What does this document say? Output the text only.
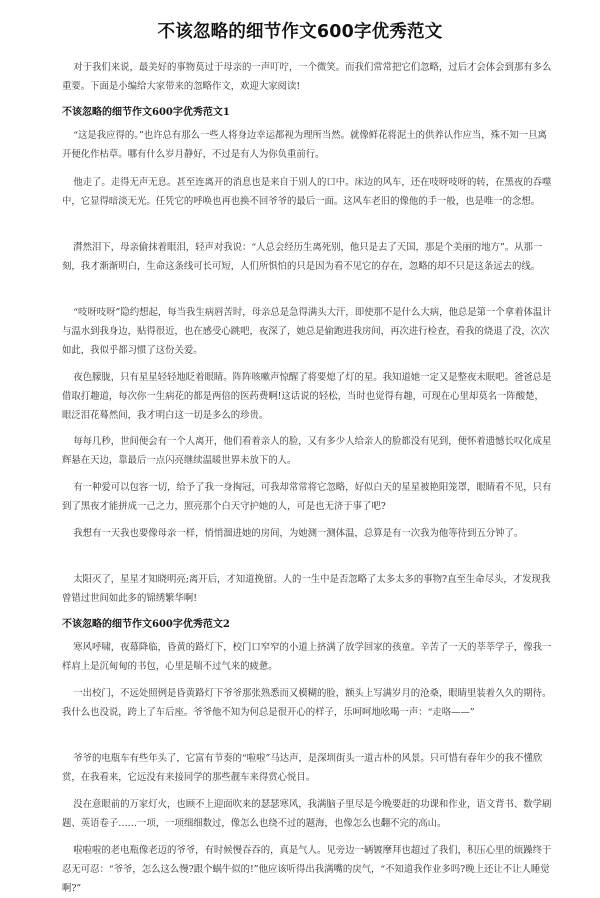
不该忽略的细节作文600字优秀范文

对于我们来说，最美好的事物莫过于母亲的一声叮咛，一个微笑。而我们常常把它们忽略，过后才会体会到那有多么重要。下面是小编给大家带来的忽略作文，欢迎大家阅读!

不该忽略的细节作文600字优秀范文1

“这是我应得的。”也许总有那么一些人将身边幸运都视为理所当然。就像鲜花将泥土的供养认作应当，殊不知一旦离开便化作枯草。哪有什么岁月静好，不过是有人为你负重前行。

他走了。走得无声无息。甚至连离开的消息也是来自于别人的口中。床边的风车，还在吱呀吱呀的转，在黑夜的吞噬中，它显得暗淡无光。任凭它的呼唤也再也换不回爷爷的最后一面。这风车老旧的像他的手一般，也是唯一的念想。

潸然泪下，母亲偷抹着眼泪，轻声对我说：“人总会经历生离死别，他只是去了天国，那是个美丽的地方”。从那一刻，我才渐渐明白，生命这条线可长可短，人们所惧怕的只是因为看不见它的存在，忽略的却不只是这条远去的线。

“吱呀吱呀”隐约想起，每当我生病唇苦时，母亲总是急得满头大汗，即使那不是什么大病，他总是第一个拿着体温计与温水到我身边，贴得很近，也在感受心跳吧，夜深了，她总是偷跑进我房间，再次进行检查，看我的烧退了没，次次如此，我似乎都习惯了这份关爱。

夜色朦胧，只有星星轻轻地眨着眼睛。阵阵咳嗽声惊醒了将要熄了灯的星。我知道她一定又是整夜未眠吧。爸爸总是借取打趣道，每次你一生病花的都是两倍的医药费啊!这话说的轻松，当时也觉得有趣，可现在心里却莫名一阵酸楚，眼泛泪花蓦然间，我才明白这一切是多么的珍贵。

每每几秒，世间便会有一个人离开，他们看着亲人的脸，又有多少人给亲人的脸都没有见到，便怀着遗憾长叹化成星辉悬在天边，靠最后一点闪亮继续温暖世界未放下的人。

有一种爱可以包容一切，给予了我一身掏冠，可我却常常将它忽略，好似白天的星星被艳阳笼罩，眼睛看不见，只有到了黑夜才能拼成一己之力，照亮那个白天守护她的人，可是也无济于事了吧?

我想有一天我也要像母亲一样，悄悄溜进她的房间，为她测一测体温，总算是有一次我为他等待到五分钟了。

太阳灭了，星星才知晓明亮;离开后，才知道挽留。人的一生中是否忽略了太多太多的事物?直至生命尽头，才发现我曾错过世间如此多的锦绣繁华啊!

不该忽略的细节作文600字优秀范文2

寒风呼啸，夜幕降临，昏黄的路灯下，校门口窄窄的小道上挤满了放学回家的孩童。辛苦了一天的莘莘学子，像我一样肩上是沉甸甸的书包，心里是喘不过气来的疲惫。

一出校门，不远处照例是昏黄路灯下爷爷那张熟悉而又模糊的脸，额头上写满岁月的沧桑，眼睛里装着久久的期待。我什么也没说，跨上了车后座。爷爷他不知为何总是很开心的样子，乐呵呵地吆喝一声：“走咯——”

爷爷的电瓶车有些年头了，它富有节奏的“啦啦”马达声，是深圳街头一道古朴的风景。只可惜有春年少的我不懂欣赏，在我看来，它远没有来接同学的那些靓车来得赏心悦目。

没在意眼前的万家灯火，也顾不上迎面吹来的瑟瑟寒风，我满脑子里尽是今晚要赶的功课和作业，语文背书、数学刷题、英语卷子……一项，一项细细数过，像怎么也绕不过的题海，也像怎么也翻不完的高山。

啦啦啦的老电瓶像老迈的爷爷，有时候慢吞吞的，真是气人。见旁边一辆镀摩拜也超过了我们，积压心里的烦躁终于忍无可忍：“爷爷，怎么这么慢?跟个蜗牛似的!”他应该听得出我满嘴的戾气，“不知道我作业多吗?晚上还让不让人睡觉啊?”
